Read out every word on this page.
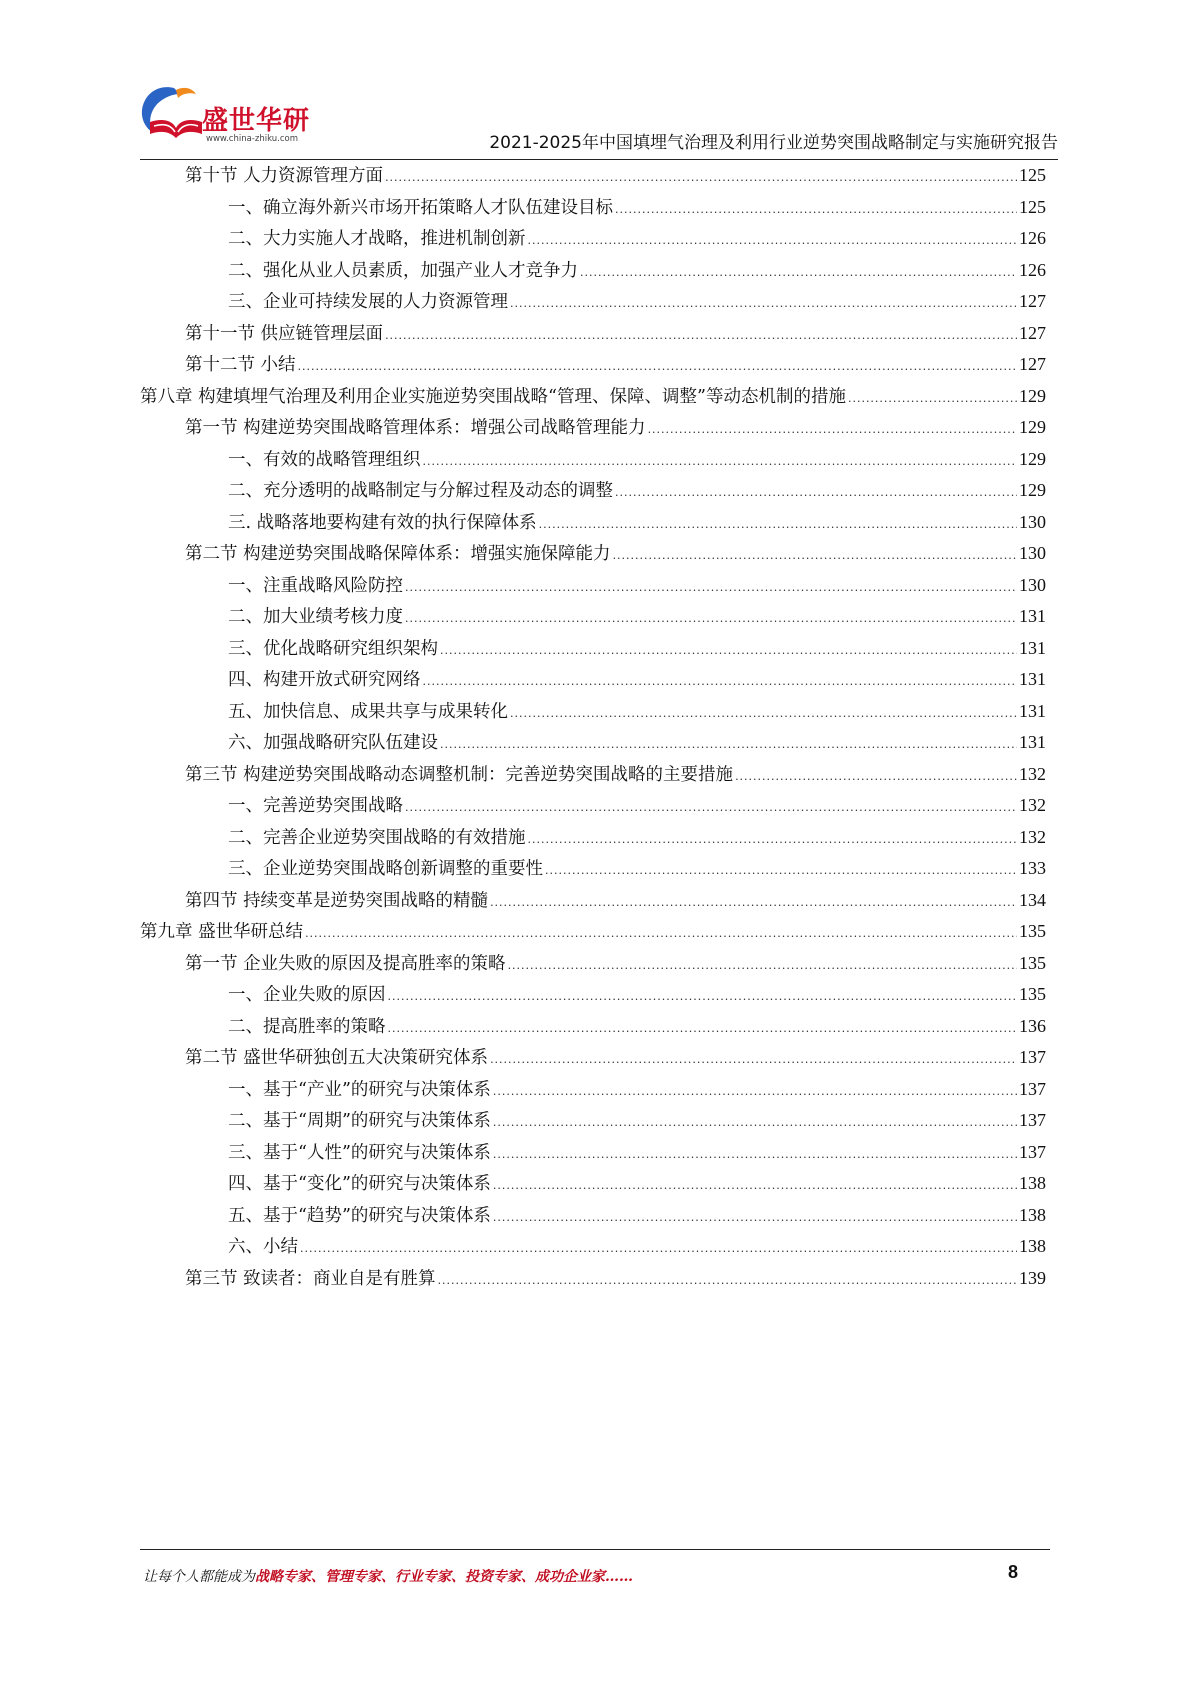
盛世华研
www.china-zhiku.com	2021-2025年中国填埋气治理及利用行业逆势突围战略制定与实施研究报告
第十节 人力资源管理方面 .....	125
一、确立海外新兴市场开拓策略人才队伍建设目标 .....	125
二、大力实施人才战略，推进机制创新 .....	126
二、强化从业人员素质，加强产业人才竞争力 .....	126
三、企业可持续发展的人力资源管理 .....	127
第十一节 供应链管理层面 .....	127
第十二节 小结 .....	127
第八章 构建填埋气治理及利用企业实施逆势突围战略“管理、保障、调整”等动态机制的措施 .....	129
第一节 构建逆势突围战略管理体系：增强公司战略管理能力 .....	129
一、有效的战略管理组织 .....	129
二、充分透明的战略制定与分解过程及动态的调整 .....	129
三. 战略落地要构建有效的执行保障体系 .....	130
第二节 构建逆势突围战略保障体系：增强实施保障能力 .....	130
一、注重战略风险防控 .....	130
二、加大业绩考核力度 .....	131
三、优化战略研究组织架构 .....	131
四、构建开放式研究网络 .....	131
五、加快信息、成果共享与成果转化 .....	131
六、加强战略研究队伍建设 .....	131
第三节 构建逆势突围战略动态调整机制：完善逆势突围战略的主要措施 .....	132
一、完善逆势突围战略 .....	132
二、完善企业逆势突围战略的有效措施 .....	132
三、企业逆势突围战略创新调整的重要性 .....	133
第四节 持续变革是逆势突围战略的精髓 .....	134
第九章 盛世华研总结 .....	135
第一节 企业失败的原因及提高胜率的策略 .....	135
一、企业失败的原因 .....	135
二、提高胜率的策略 .....	136
第二节 盛世华研独创五大决策研究体系 .....	137
一、基于“产业”的研究与决策体系 .....	137
二、基于“周期”的研究与决策体系 .....	137
三、基于“人性”的研究与决策体系 .....	137
四、基于“变化”的研究与决策体系 .....	138
五、基于“趋势”的研究与决策体系 .....	138
六、小结 .....	138
第三节 致读者：商业自是有胜算 .....	139
让每个人都能成为战略专家、管理专家、行业专家、投资专家、成功企业家……	8
